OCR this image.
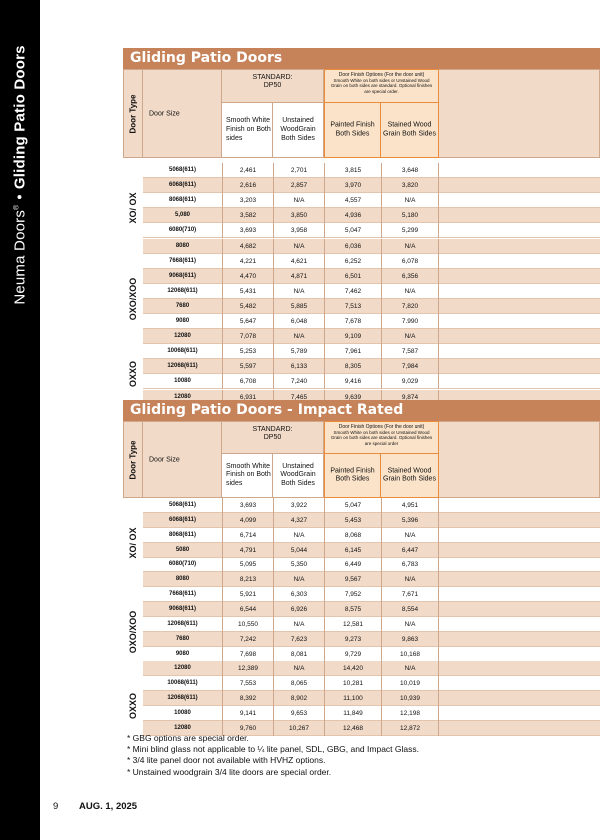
Neuma Doors®•Gliding Patio Doors	Gliding Patio Doors
Door Type Door Size
STANDARD:
DP50
Door Finish Options (For the door unit)
Smooth White on both sides or Unstained Wood Grain on both sides are standard. Optional finishes are special order.
Smooth White Finish on Both sides
Unstained WoodGrain Both Sides
Painted Finish Both Sides
Stained Wood Grain Both Sides
5068(611)	2,461	2,701	3,815	3,648
6068(611)	2,616	2,857	3,970	3,820
8068(611)	3,203	N/A	4,557	N/A
5,080	3,582	3,850	4,936	5,180
6080(710)	3,693	3,958	5,047	5,299
8080	4,682	N/A	6,036	N/A
XO/ OX
7668(611)	4,221	4,621	6,252	6,078
9068(611)	4,470	4,871	6,501	6,356
12068(611)	5,431	N/A	7,462	N/A
7680	5,482	5,885	7,513	7,820
9080	5,647	6,048	7,678	7.990
12080	7,078	N/A	9,109	N/A
OXO/XOO
10068(611)	5,253	5,789	7,961	7,587
12068(611)	5,597	6,133	8,305	7,984
10080	6,708	7,240	9,416	9,029
12080	6,931	7,465	9,639	9,874
OXXO
Gliding Patio Doors - Impact Rated
Door Type Door Size
STANDARD:
DP50
Door Finish Options (For the door unit)
Smooth White on both sides or Unstained Wood Grain on both sides are standard. Optional finishes are special order
Smooth White Finish on Both sides
Unstained WoodGrain Both Sides
Painted Finish Both Sides
Stained Wood Grain Both Sides
5068(611)	3,693	3,922	5,047	4,951
6068(611)	4,099	4,327	5,453	5,396
8068(611)	6,714	N/A	8,068	N/A
5080	4,791	5,044	6,145	6,447
6080(710)	5,095	5,350	6,449	6,783
8080	8,213	N/A	9,567	N/A
XO/ OX
7668(611)	5,921	6,303	7,952	7,671
9068(611)	6,544	6,926	8,575	8,554
12068(611)	10,550	N/A	12,581	N/A
7680	7,242	7,623	9,273	9,863
9080	7,698	8,081	9,729	10,168
12080	12,389	N/A	14,420	N/A
OXO/XOO
10068(611)	7,553	8,065	10,281	10,019
12068(611)	8,392	8,902	11,100	10,939
10080	9,141	9,653	11,849	12,198
12080	9,760	10,267	12,468	12,872
OXXO
* GBG options are special order.
* Mini blind glass not applicable to ¼ lite panel, SDL, GBG, and Impact Glass.
* 3/4 lite panel door not available with HVHZ options.
* Unstained woodgrain 3/4 lite doors are special order.
9 AUG. 1, 2025
